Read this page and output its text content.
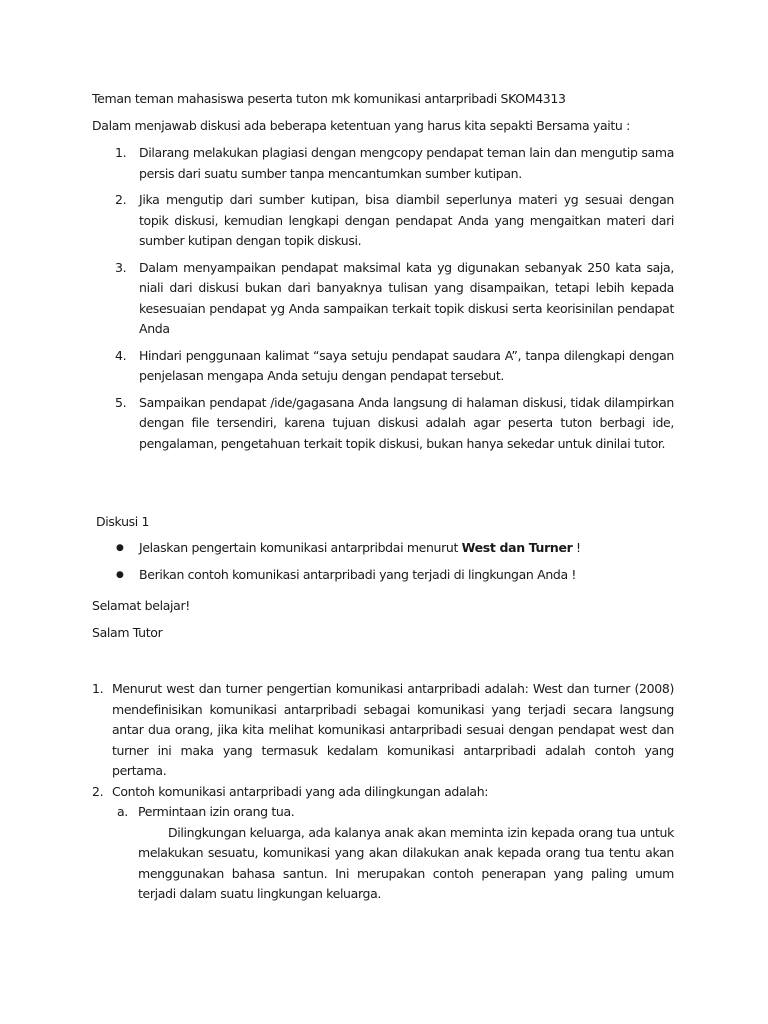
Teman teman mahasiswa peserta tuton mk komunikasi antarpribadi SKOM4313

Dalam menjawab diskusi ada beberapa ketentuan yang harus kita sepakti Bersama yaitu :

1. Dilarang melakukan plagiasi dengan mengcopy pendapat teman lain dan mengutip sama persis dari suatu sumber tanpa mencantumkan sumber kutipan.
2. Jika mengutip dari sumber kutipan, bisa diambil seperlunya materi yg sesuai dengan topik diskusi, kemudian lengkapi dengan pendapat Anda yang mengaitkan materi dari sumber kutipan dengan topik diskusi.
3. Dalam menyampaikan pendapat maksimal kata yg digunakan sebanyak 250 kata saja, niali dari diskusi bukan dari banyaknya tulisan yang disampaikan, tetapi lebih kepada kesesuaian pendapat yg Anda sampaikan terkait topik diskusi serta keorisinilan pendapat Anda
4. Hindari penggunaan kalimat “saya setuju pendapat saudara A”, tanpa dilengkapi dengan penjelasan mengapa Anda setuju dengan pendapat tersebut.
5. Sampaikan pendapat /ide/gagasana Anda langsung di halaman diskusi, tidak dilampirkan dengan file tersendiri, karena tujuan diskusi adalah agar peserta tuton berbagi ide, pengalaman, pengetahuan terkait topik diskusi, bukan hanya sekedar untuk dinilai tutor.

Diskusi 1

● Jelaskan pengertain komunikasi antarpribdai menurut West dan Turner !
● Berikan contoh komunikasi antarpribadi yang terjadi di lingkungan Anda !

Selamat belajar!

Salam Tutor

1. Menurut west dan turner pengertian komunikasi antarpribadi adalah: West dan turner (2008) mendefinisikan komunikasi antarpribadi sebagai komunikasi yang terjadi secara langsung antar dua orang, jika kita melihat komunikasi antarpribadi sesuai dengan pendapat west dan turner ini maka yang termasuk kedalam komunikasi antarpribadi adalah contoh yang pertama.
2. Contoh komunikasi antarpribadi yang ada dilingkungan adalah:
a. Permintaan izin orang tua.
Dilingkungan keluarga, ada kalanya anak akan meminta izin kepada orang tua untuk melakukan sesuatu, komunikasi yang akan dilakukan anak kepada orang tua tentu akan menggunakan bahasa santun. Ini merupakan contoh penerapan yang paling umum terjadi dalam suatu lingkungan keluarga.
